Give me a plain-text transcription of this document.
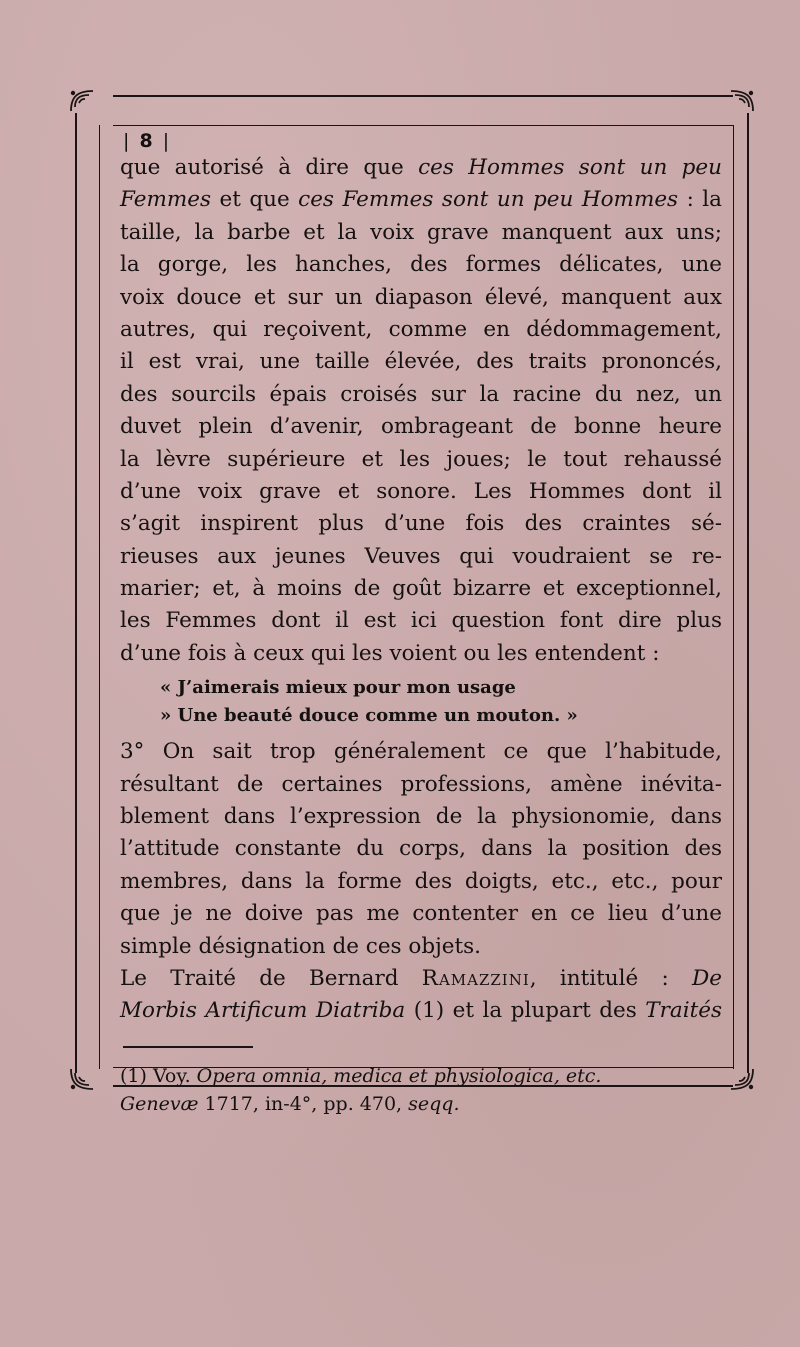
| 8 |
que autorisé à dire que ces Hommes sont un peu
Femmes et que ces Femmes sont un peu Hommes : la
taille, la barbe et la voix grave manquent aux uns;
la gorge, les hanches, des formes délicates, une
voix douce et sur un diapason élevé, manquent aux
autres, qui reçoivent, comme en dédommagement,
il est vrai, une taille élevée, des traits prononcés,
des sourcils épais croisés sur la racine du nez, un
duvet plein d’avenir, ombrageant de bonne heure
la lèvre supérieure et les joues; le tout rehaussé
d’une voix grave et sonore. Les Hommes dont il
s’agit inspirent plus d’une fois des craintes sé-
rieuses aux jeunes Veuves qui voudraient se re-
marier; et, à moins de goût bizarre et exceptionnel,
les Femmes dont il est ici question font dire plus
d’une fois à ceux qui les voient ou les entendent :
« J’aimerais mieux pour mon usage
» Une beauté douce comme un mouton. »
3° On sait trop généralement ce que l’habitude,
résultant de certaines professions, amène inévita-
blement dans l’expression de la physionomie, dans
l’attitude constante du corps, dans la position des
membres, dans la forme des doigts, etc., etc., pour
que je ne doive pas me contenter en ce lieu d’une
simple désignation de ces objets.
Le Traité de Bernard Ramazzini, intitulé : De
Morbis Artificum Diatriba (1) et la plupart des Traités
(1) Voy. Opera omnia, medica et physiologica, etc.
Genevæ 1717, in-4°, pp. 470, seqq.
